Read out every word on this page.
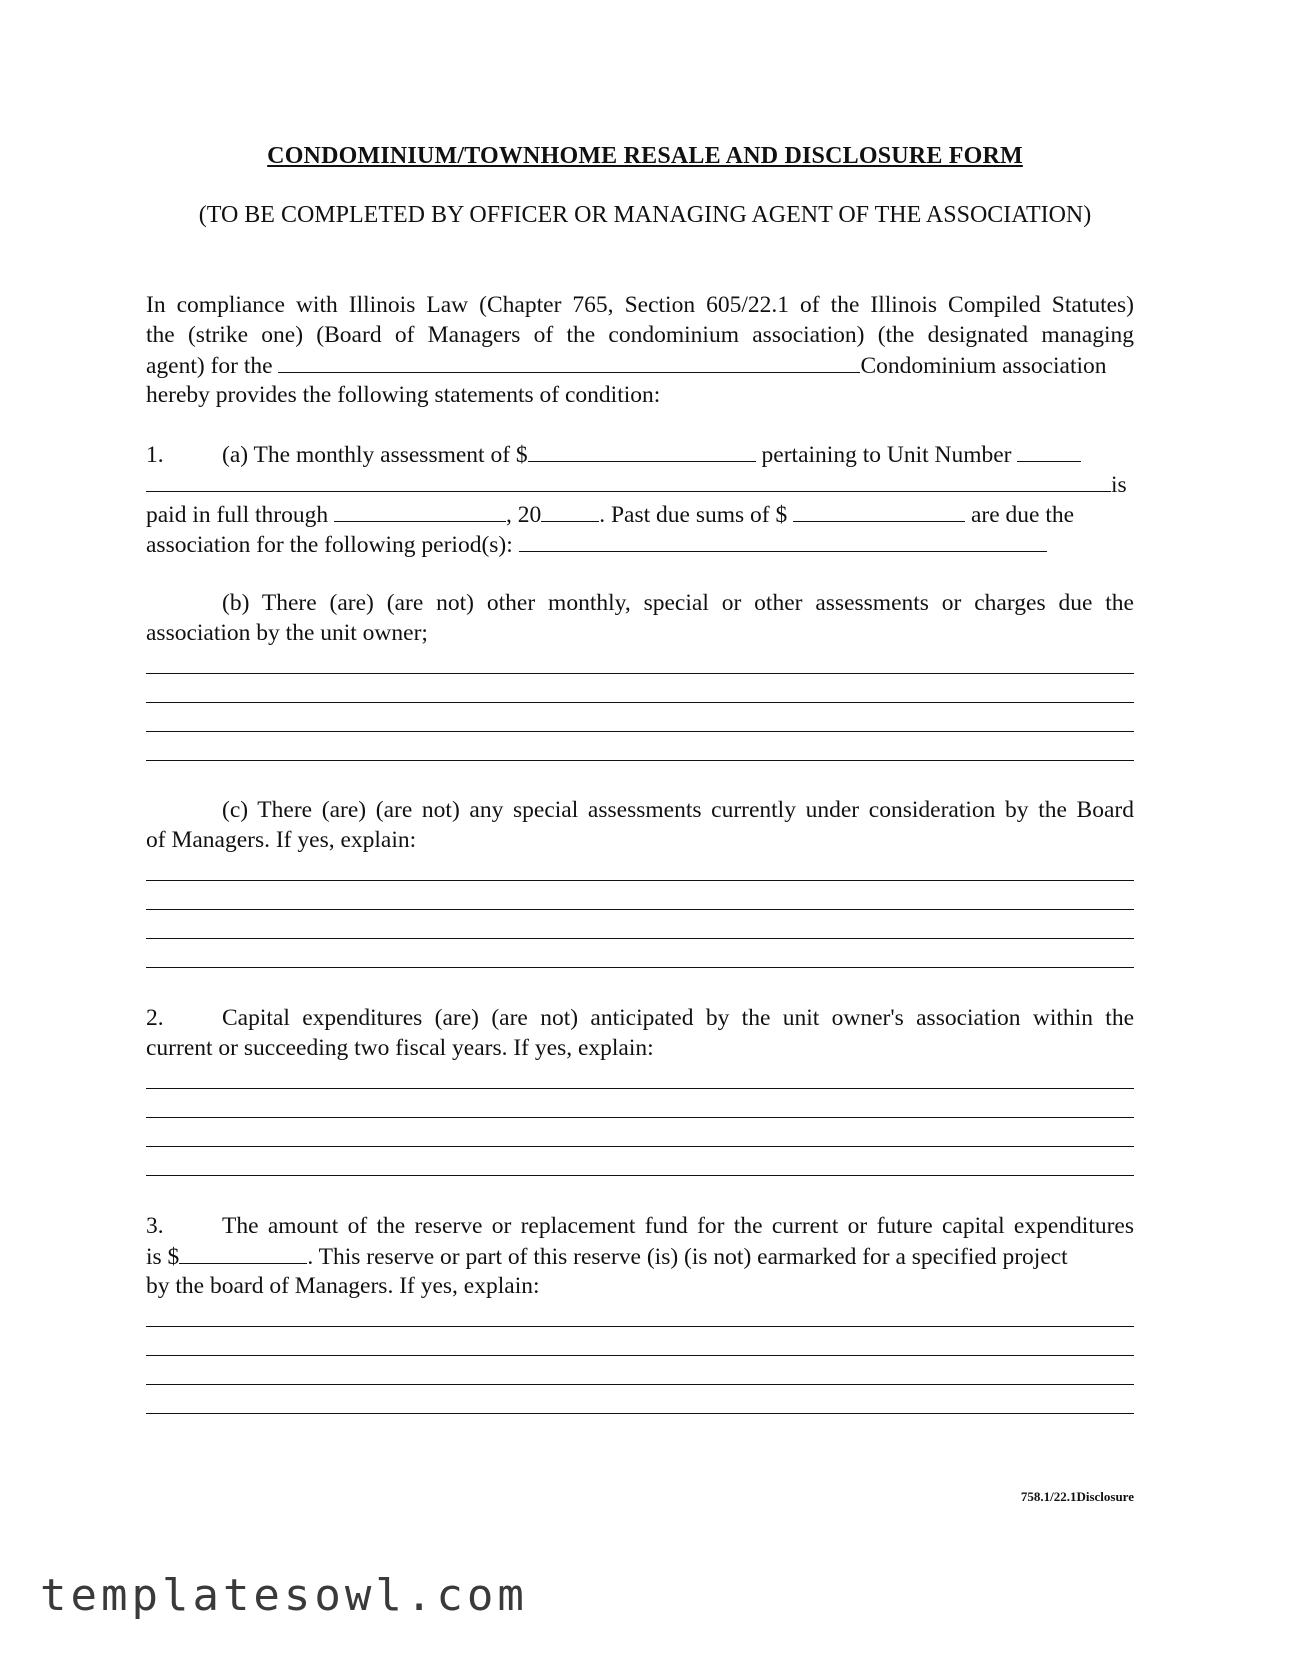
CONDOMINIUM/TOWNHOME RESALE AND DISCLOSURE FORM
(TO BE COMPLETED BY OFFICER OR MANAGING AGENT OF THE ASSOCIATION)
In compliance with Illinois Law (Chapter 765, Section 605/22.1 of the Illinois Compiled Statutes)
the (strike one) (Board of Managers of the condominium association) (the designated managing
agent) for the	Condominium association
hereby provides the following statements of condition:
1. (a) The monthly assessment of $	pertaining to Unit Number
is
paid in full through	, 20 . Past due sums of $	are due the
association for the following period(s):
(b) There (are) (are not) other monthly, special or other assessments or charges due the
association by the unit owner;
(c) There (are) (are not) any special assessments currently under consideration by the Board
of Managers. If yes, explain:
2. Capital expenditures (are) (are not) anticipated by the unit owner's association within the
current or succeeding two fiscal years. If yes, explain:
3. The amount of the reserve or replacement fund for the current or future capital expenditures
is $	. This reserve or part of this reserve (is) (is not) earmarked for a specified project
by the board of Managers. If yes, explain:
758.1/22.1Disclosure
templatesowl.com
